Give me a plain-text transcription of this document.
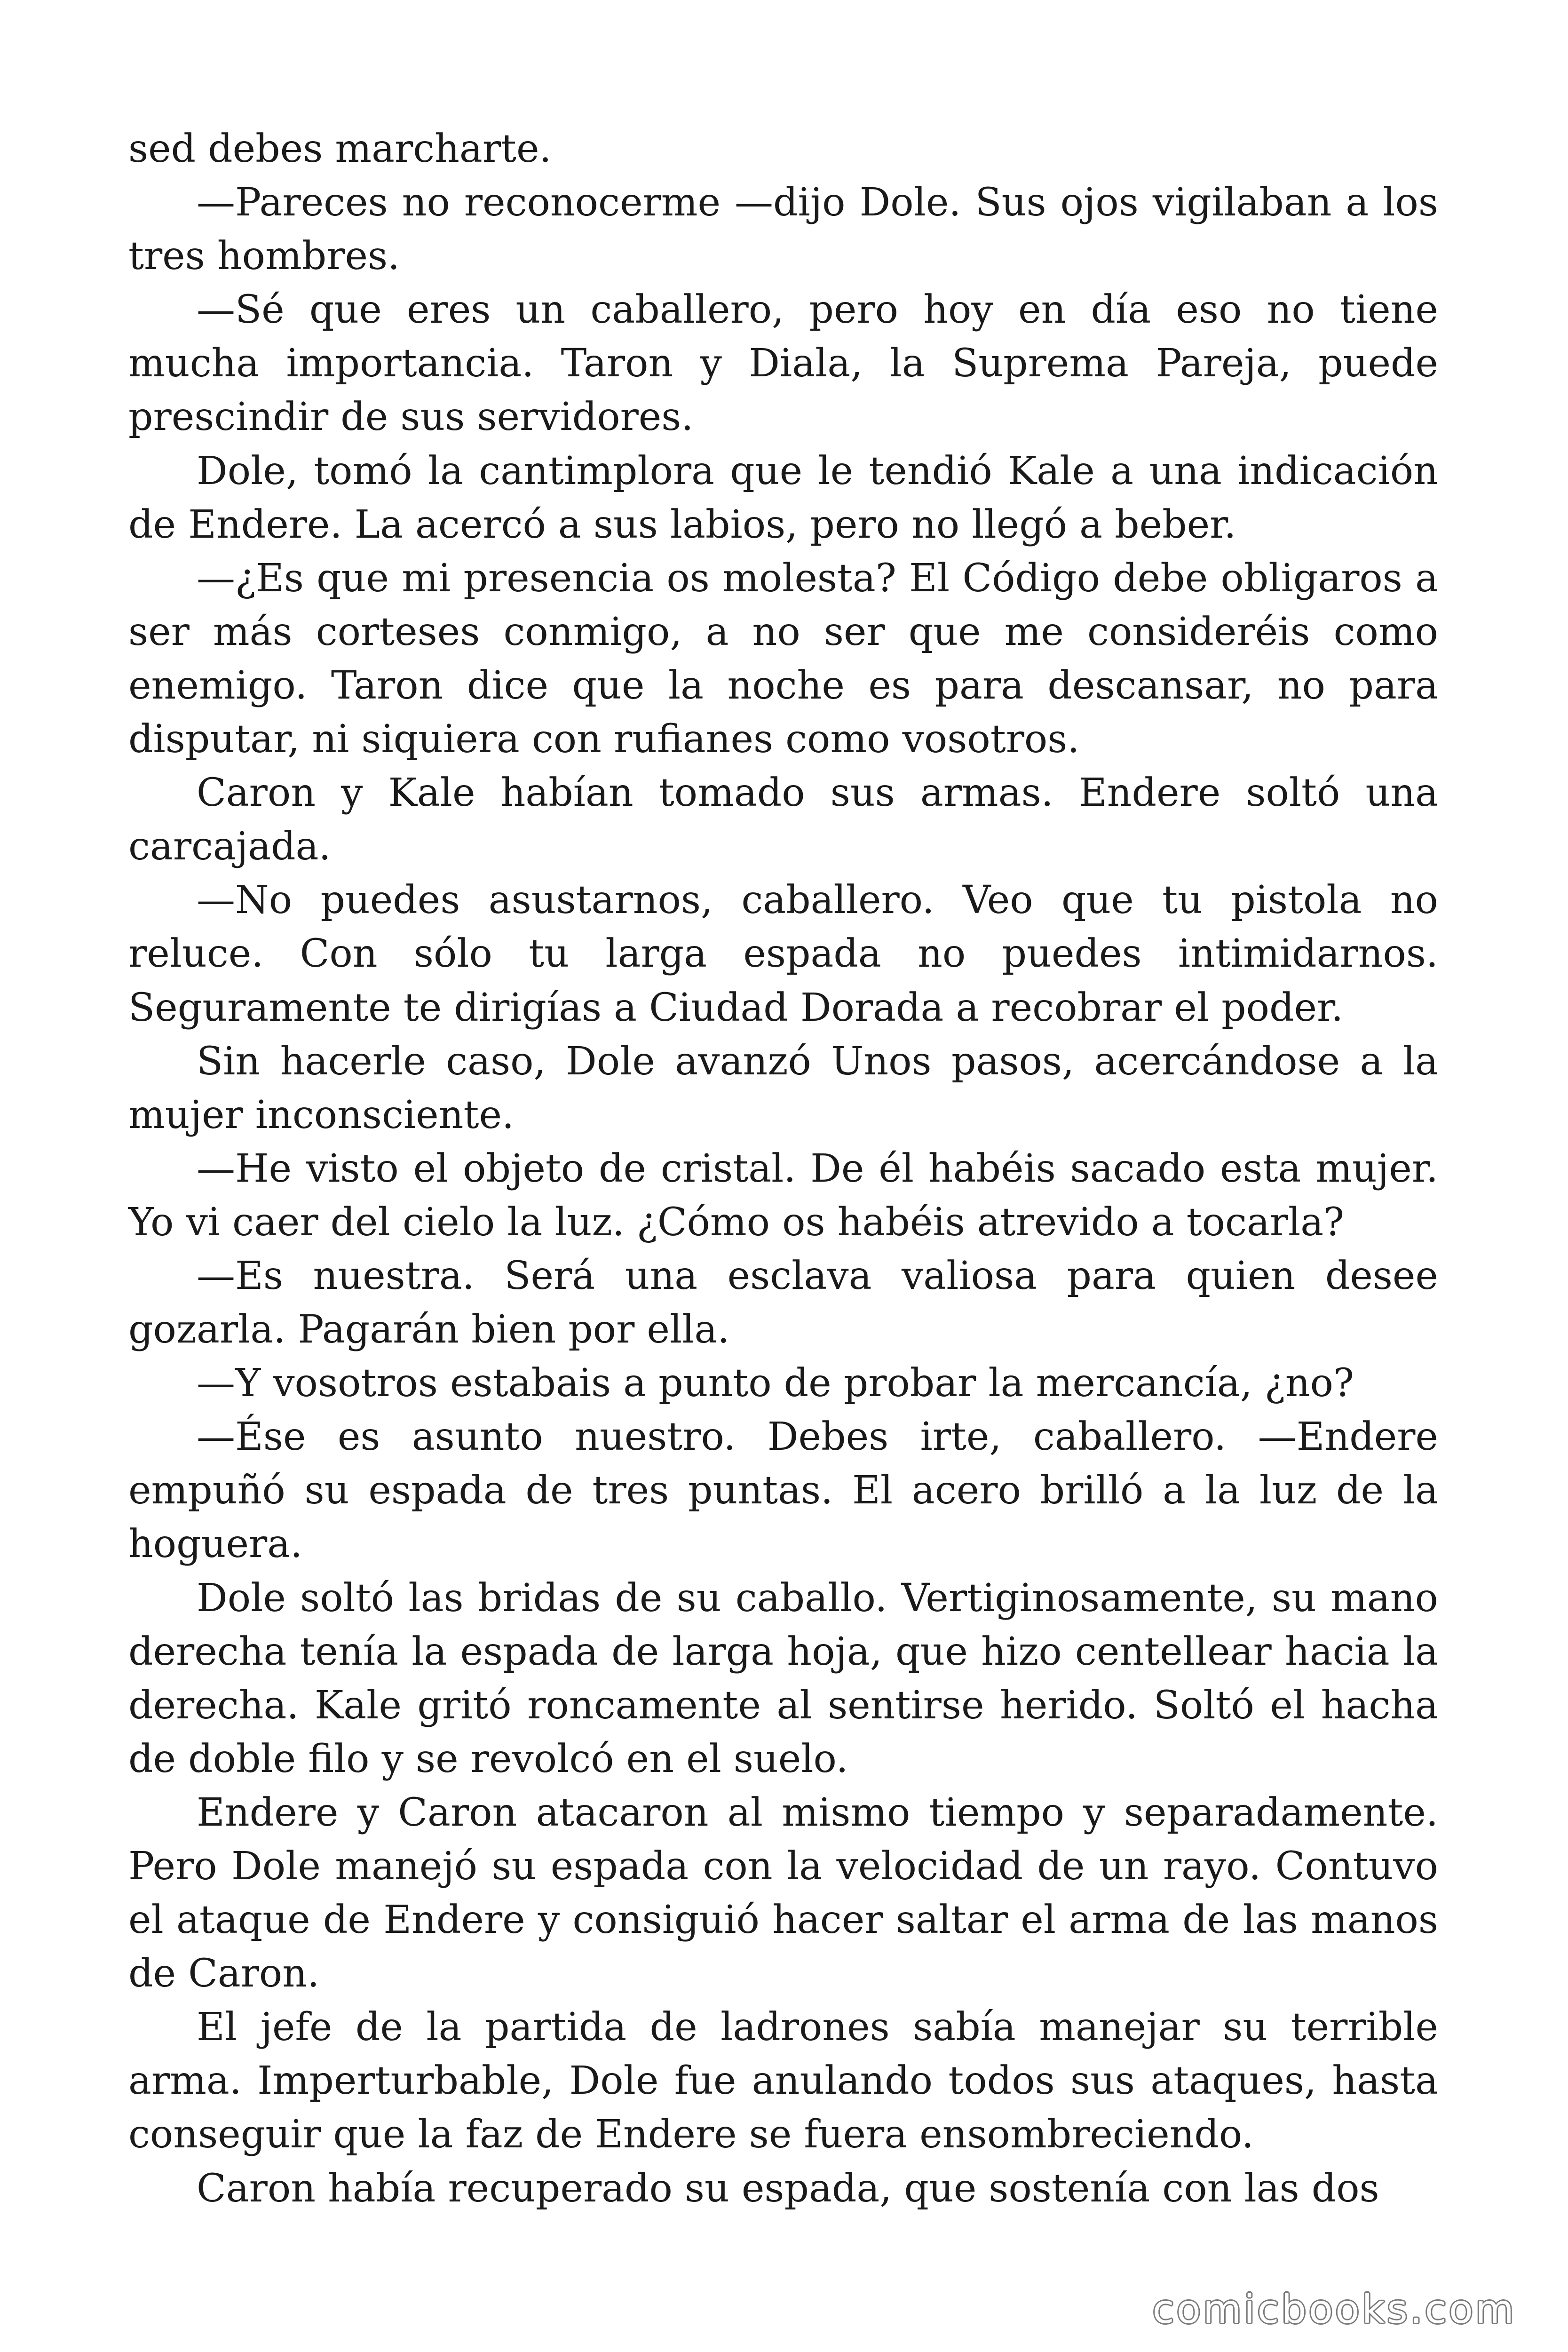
sed debes marcharte.

—Pareces no reconocerme —dijo Dole. Sus ojos vigilaban a los tres hombres.

—Sé que eres un caballero, pero hoy en día eso no tiene mucha importancia. Taron y Diala, la Suprema Pareja, puede prescindir de sus servidores.

Dole, tomó la cantimplora que le tendió Kale a una indicación de Endere. La acercó a sus labios, pero no llegó a beber.

—¿Es que mi presencia os molesta? El Código debe obligaros a ser más corteses conmigo, a no ser que me consideréis como enemigo. Taron dice que la noche es para descansar, no para disputar, ni siquiera con rufianes como vosotros.

Caron y Kale habían tomado sus armas. Endere soltó una carcajada.

—No puedes asustarnos, caballero. Veo que tu pistola no reluce. Con sólo tu larga espada no puedes intimidarnos. Seguramente te dirigías a Ciudad Dorada a recobrar el poder.

Sin hacerle caso, Dole avanzó Unos pasos, acercándose a la mujer inconsciente.

—He visto el objeto de cristal. De él habéis sacado esta mujer. Yo vi caer del cielo la luz. ¿Cómo os habéis atrevido a tocarla?

—Es nuestra. Será una esclava valiosa para quien desee gozarla. Pagarán bien por ella.

—Y vosotros estabais a punto de probar la mercancía, ¿no?

—Ése es asunto nuestro. Debes irte, caballero. —Endere empuñó su espada de tres puntas. El acero brilló a la luz de la hoguera.

Dole soltó las bridas de su caballo. Vertiginosamente, su mano derecha tenía la espada de larga hoja, que hizo centellear hacia la derecha. Kale gritó roncamente al sentirse herido. Soltó el hacha de doble filo y se revolcó en el suelo.

Endere y Caron atacaron al mismo tiempo y separadamente. Pero Dole manejó su espada con la velocidad de un rayo. Contuvo el ataque de Endere y consiguió hacer saltar el arma de las manos de Caron.

El jefe de la partida de ladrones sabía manejar su terrible arma. Imperturbable, Dole fue anulando todos sus ataques, hasta conseguir que la faz de Endere se fuera ensombreciendo.

Caron había recuperado su espada, que sostenía con las dos

comicbooks.com
